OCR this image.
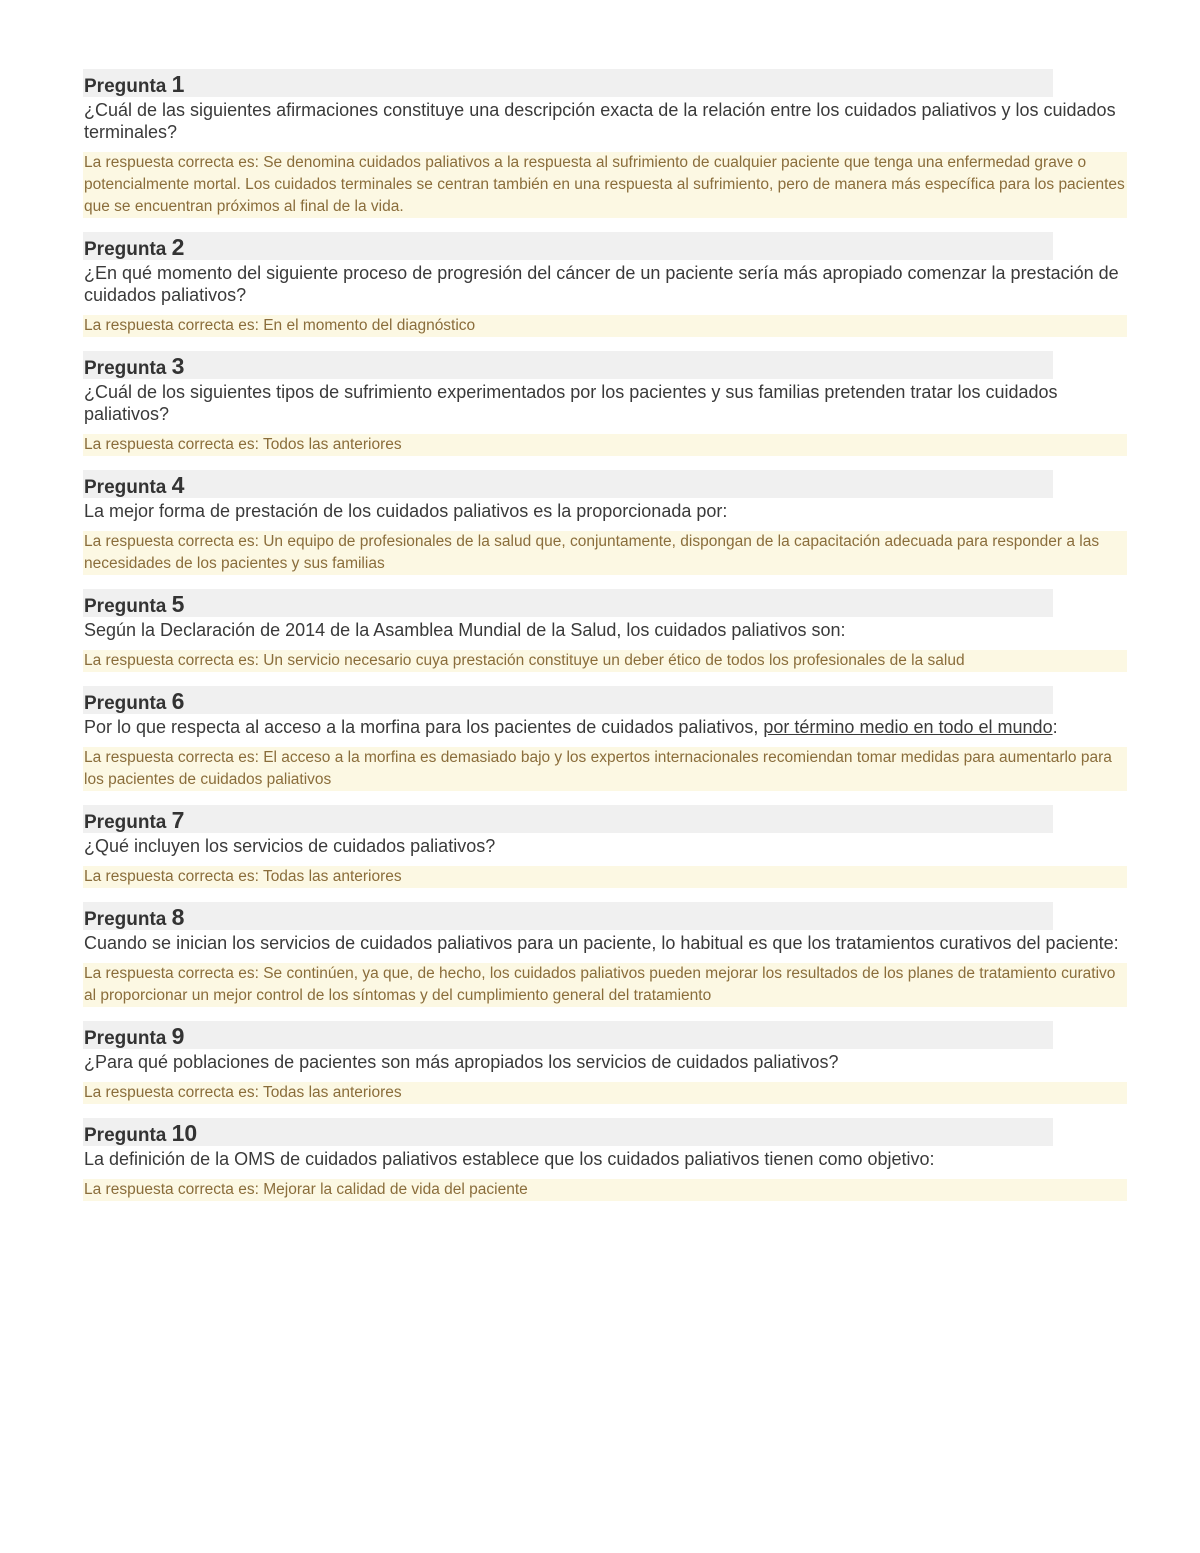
Pregunta 1
¿Cuál de las siguientes afirmaciones constituye una descripción exacta de la relación entre los cuidados paliativos y los cuidados terminales?
La respuesta correcta es: Se denomina cuidados paliativos a la respuesta al sufrimiento de cualquier paciente que tenga una enfermedad grave o potencialmente mortal. Los cuidados terminales se centran también en una respuesta al sufrimiento, pero de manera más específica para los pacientes que se encuentran próximos al final de la vida.
Pregunta 2
¿En qué momento del siguiente proceso de progresión del cáncer de un paciente sería más apropiado comenzar la prestación de cuidados paliativos?
La respuesta correcta es: En el momento del diagnóstico
Pregunta 3
¿Cuál de los siguientes tipos de sufrimiento experimentados por los pacientes y sus familias pretenden tratar los cuidados paliativos?
La respuesta correcta es: Todos las anteriores
Pregunta 4
La mejor forma de prestación de los cuidados paliativos es la proporcionada por:
La respuesta correcta es: Un equipo de profesionales de la salud que, conjuntamente, dispongan de la capacitación adecuada para responder a las necesidades de los pacientes y sus familias
Pregunta 5
Según la Declaración de 2014 de la Asamblea Mundial de la Salud, los cuidados paliativos son:
La respuesta correcta es: Un servicio necesario cuya prestación constituye un deber ético de todos los profesionales de la salud
Pregunta 6
Por lo que respecta al acceso a la morfina para los pacientes de cuidados paliativos, por término medio en todo el mundo:
La respuesta correcta es: El acceso a la morfina es demasiado bajo y los expertos internacionales recomiendan tomar medidas para aumentarlo para los pacientes de cuidados paliativos
Pregunta 7
¿Qué incluyen los servicios de cuidados paliativos?
La respuesta correcta es: Todas las anteriores
Pregunta 8
Cuando se inician los servicios de cuidados paliativos para un paciente, lo habitual es que los tratamientos curativos del paciente:
La respuesta correcta es: Se continúen, ya que, de hecho, los cuidados paliativos pueden mejorar los resultados de los planes de tratamiento curativo al proporcionar un mejor control de los síntomas y del cumplimiento general del tratamiento
Pregunta 9
¿Para qué poblaciones de pacientes son más apropiados los servicios de cuidados paliativos?
La respuesta correcta es: Todas las anteriores
Pregunta 10
La definición de la OMS de cuidados paliativos establece que los cuidados paliativos tienen como objetivo:
La respuesta correcta es: Mejorar la calidad de vida del paciente
